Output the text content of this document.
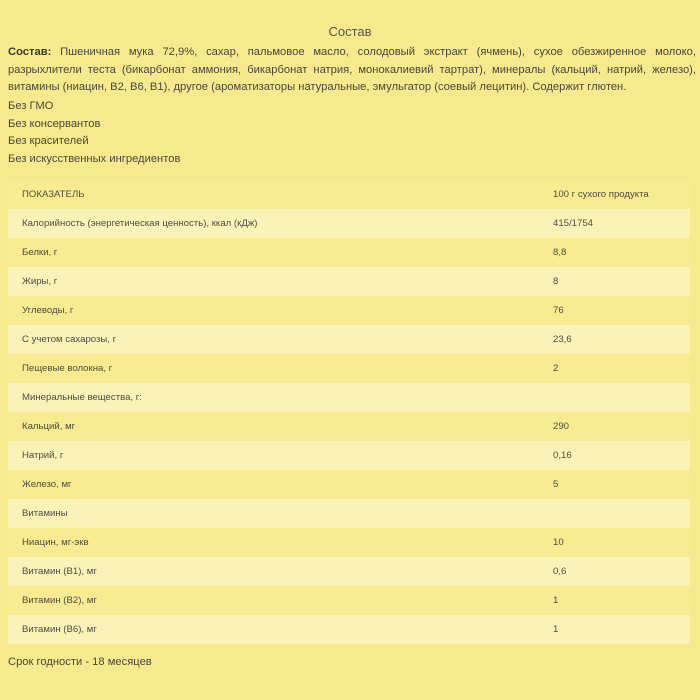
Состав
Состав: Пшеничная мука 72,9%, сахар, пальмовое масло, солодовый экстракт (ячмень), сухое обезжиренное молоко, разрыхлители теста (бикарбонат аммония, бикарбонат натрия, монокалиевий тартрат), минералы (кальций, натрий, железо), витамины (ниацин, В2, В6, В1), другое (ароматизаторы натуральные, эмульгатор (соевый лецитин). Содержит глютен.
Без ГМО
Без консервантов
Без красителей
Без искусственных ингредиентов
ПОКАЗАТЕЛЬ	100 г сухого продукта
Калорийность (энергетическая ценность), ккал (кДж)	415/1754
Белки, г	8,8
Жиры, г	8
Углеводы, г	76
С учетом сахарозы, г	23,6
Пещевые волокна, г	2
Минеральные вещества, г:
Кальций, мг	290
Натрий, г	0,16
Железо, мг	5
Витамины
Ниацин, мг-экв	10
Витамин (В1), мг	0,6
Витамин (В2), мг	1
Витамин (В6), мг	1
Срок годности - 18 месяцев
